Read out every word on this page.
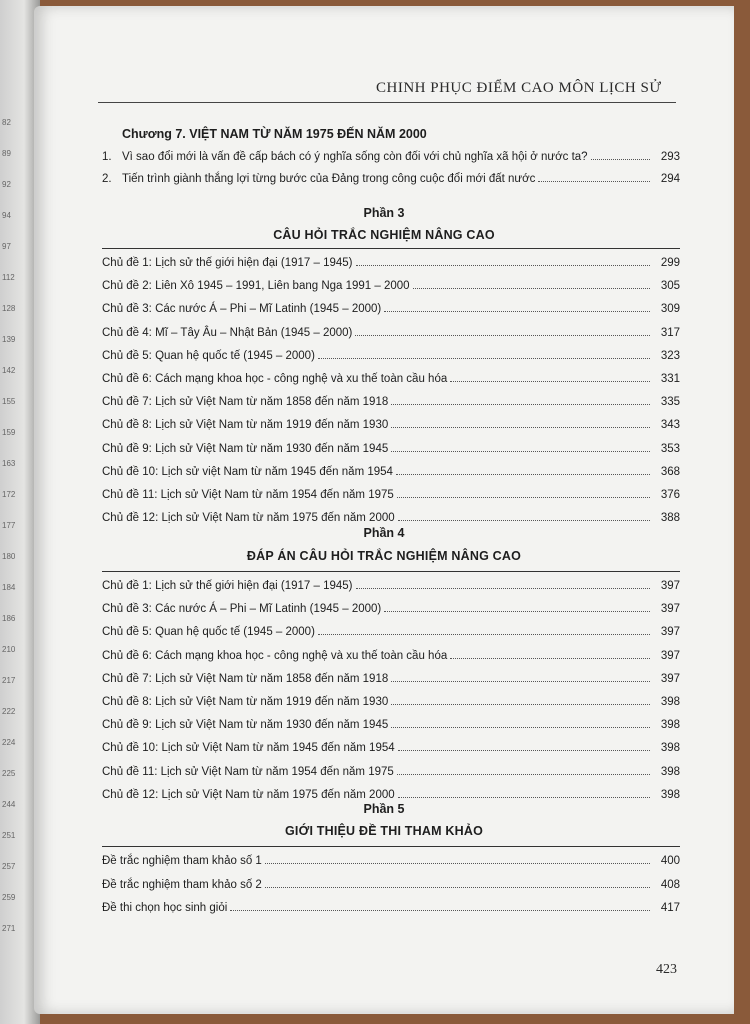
82
89
92
94
97
112
128
139
142
155
159
163
172
177
180
184
186
210
217
222
224
225
244
251
257
259
271
CHINH PHỤC ĐIỂM CAO MÔN LỊCH SỬ
Chương 7. VIỆT NAM TỪ NĂM 1975 ĐẾN NĂM 2000
1. Vì sao đổi mới là vấn đề cấp bách có ý nghĩa sống còn đối với chủ nghĩa xã hội ở nước ta?	293
2. Tiến trình giành thắng lợi từng bước của Đảng trong công cuộc đổi mới đất nước	294
Phần 3
CÂU HỎI TRẮC NGHIỆM NÂNG CAO
Chủ đề 1: Lịch sử thế giới hiện đại (1917 – 1945)	299
Chủ đề 2: Liên Xô 1945 – 1991, Liên bang Nga 1991 – 2000	305
Chủ đề 3: Các nước Á – Phi – Mĩ Latinh (1945 – 2000)	309
Chủ đề 4: Mĩ – Tây Âu – Nhật Bản (1945 – 2000)	317
Chủ đề 5: Quan hệ quốc tế (1945 – 2000)	323
Chủ đề 6: Cách mạng khoa học - công nghệ và xu thế toàn cầu hóa	331
Chủ đề 7: Lịch sử Việt Nam từ năm 1858 đến năm 1918	335
Chủ đề 8: Lịch sử Việt Nam từ năm 1919 đến năm 1930	343
Chủ đề 9: Lịch sử Việt Nam từ năm 1930 đến năm 1945	353
Chủ đề 10: Lịch sử việt Nam từ năm 1945 đến năm 1954	368
Chủ đề 11: Lịch sử Việt Nam từ năm 1954 đến năm 1975	376
Chủ đề 12: Lịch sử Việt Nam từ năm 1975 đến năm 2000	388
Phần 4
ĐÁP ÁN CÂU HỎI TRẮC NGHIỆM NÂNG CAO
Chủ đề 1: Lịch sử thế giới hiện đại (1917 – 1945)	397
Chủ đề 3: Các nước Á – Phi – Mĩ Latinh (1945 – 2000)	397
Chủ đề 5: Quan hệ quốc tế (1945 – 2000)	397
Chủ đề 6: Cách mạng khoa học - công nghệ và xu thế toàn cầu hóa	397
Chủ đề 7: Lịch sử Việt Nam từ năm 1858 đến năm 1918	397
Chủ đề 8: Lịch sử Việt Nam từ năm 1919 đến năm 1930	398
Chủ đề 9: Lịch sử Việt Nam từ năm 1930 đến năm 1945	398
Chủ đề 10: Lịch sử Việt Nam từ năm 1945 đến năm 1954	398
Chủ đề 11: Lịch sử Việt Nam từ năm 1954 đến năm 1975	398
Chủ đề 12: Lịch sử Việt Nam từ năm 1975 đến năm 2000	398
Phần 5
GIỚI THIỆU ĐỀ THI THAM KHẢO
Đề trắc nghiệm tham khảo số 1	400
Đề trắc nghiệm tham khảo số 2	408
Đề thi chọn học sinh giỏi	417
423
